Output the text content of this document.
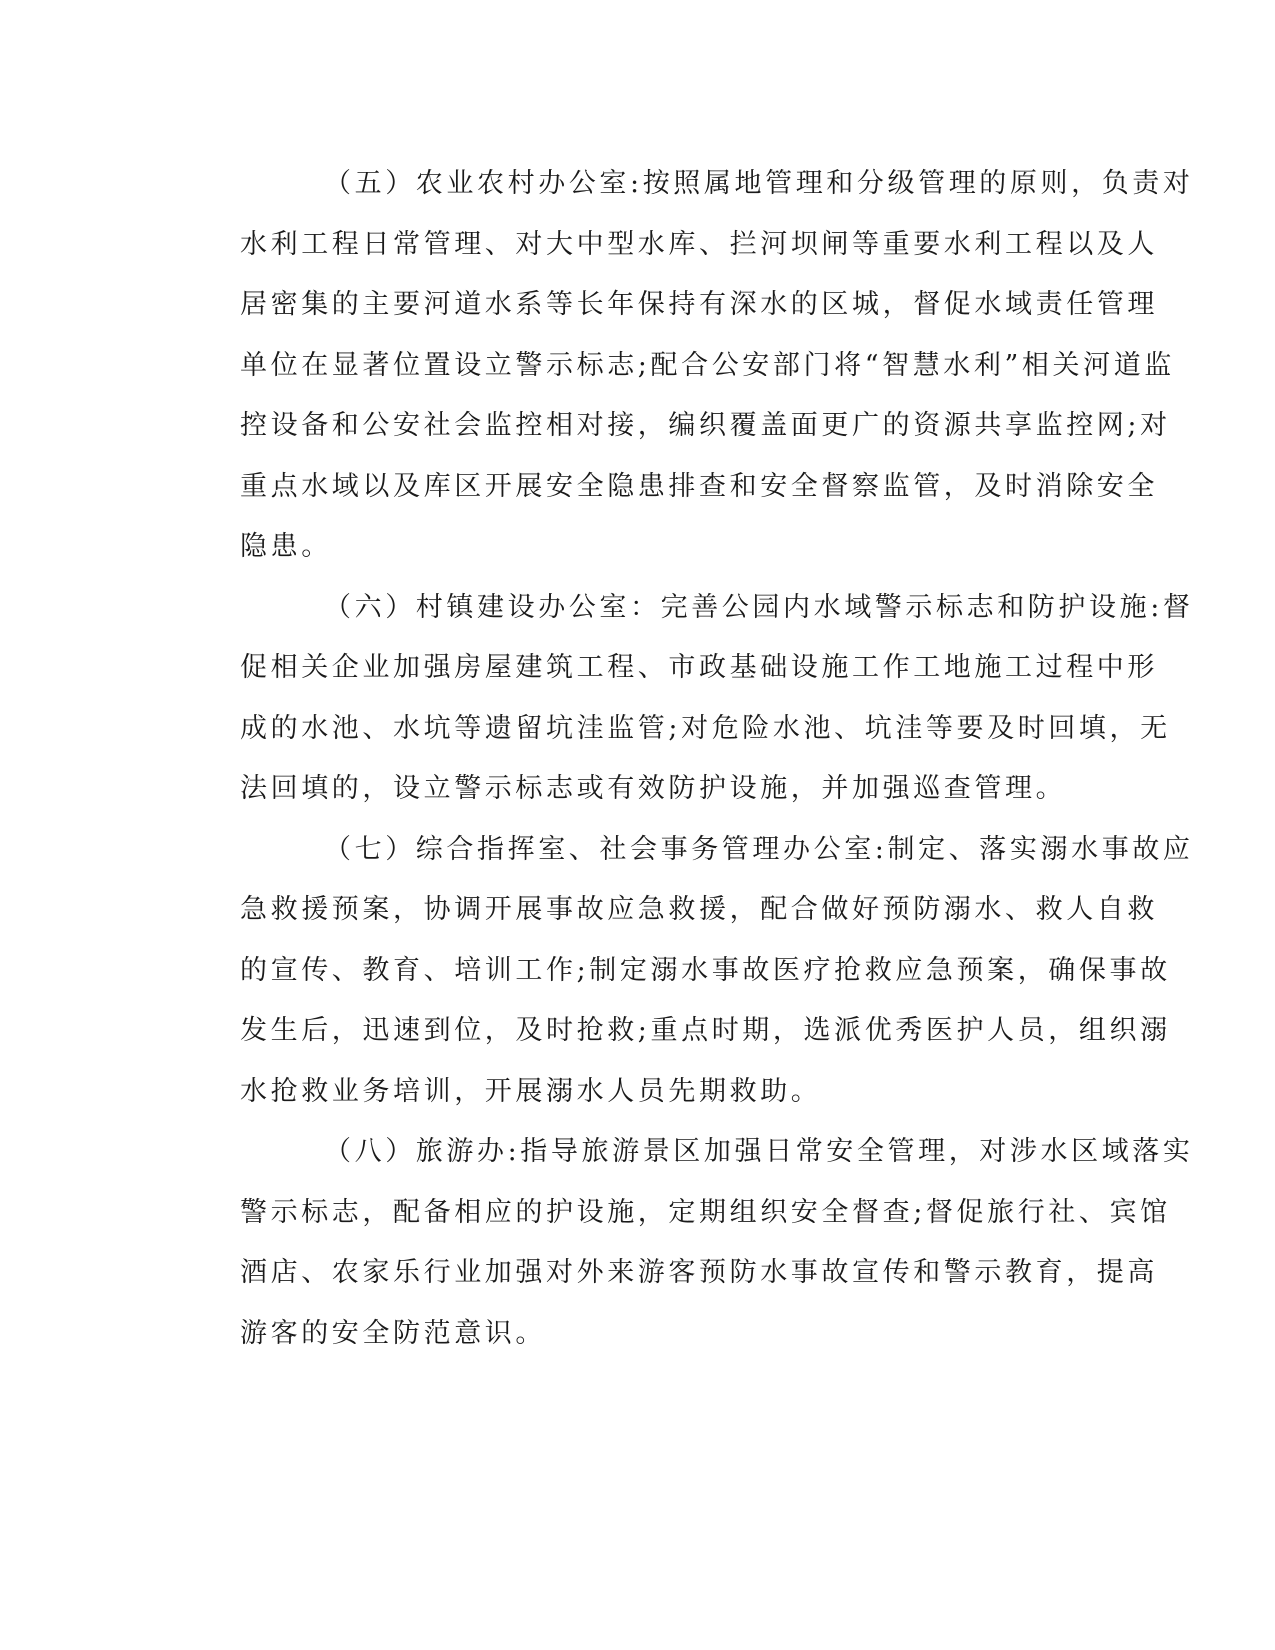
（五）农业农村办公室:按照属地管理和分级管理的原则，负责对
水利工程日常管理、对大中型水库、拦河坝闸等重要水利工程以及人
居密集的主要河道水系等长年保持有深水的区城，督促水域责任管理
单位在显著位置设立警示标志;配合公安部门将“智慧水利”相关河道监
控设备和公安社会监控相对接，编织覆盖面更广的资源共享监控网;对
重点水域以及库区开展安全隐患排查和安全督察监管，及时消除安全
隐患。
（六）村镇建设办公室：完善公园内水域警示标志和防护设施:督
促相关企业加强房屋建筑工程、市政基础设施工作工地施工过程中形
成的水池、水坑等遗留坑洼监管;对危险水池、坑洼等要及时回填，无
法回填的，设立警示标志或有效防护设施，并加强巡查管理。
（七）综合指挥室、社会事务管理办公室:制定、落实溺水事故应
急救援预案，协调开展事故应急救援，配合做好预防溺水、救人自救
的宣传、教育、培训工作;制定溺水事故医疗抢救应急预案，确保事故
发生后，迅速到位，及时抢救;重点时期，选派优秀医护人员，组织溺
水抢救业务培训，开展溺水人员先期救助。
（八）旅游办:指导旅游景区加强日常安全管理，对涉水区域落实
警示标志，配备相应的护设施，定期组织安全督查;督促旅行社、宾馆
酒店、农家乐行业加强对外来游客预防水事故宣传和警示教育，提高
游客的安全防范意识。
